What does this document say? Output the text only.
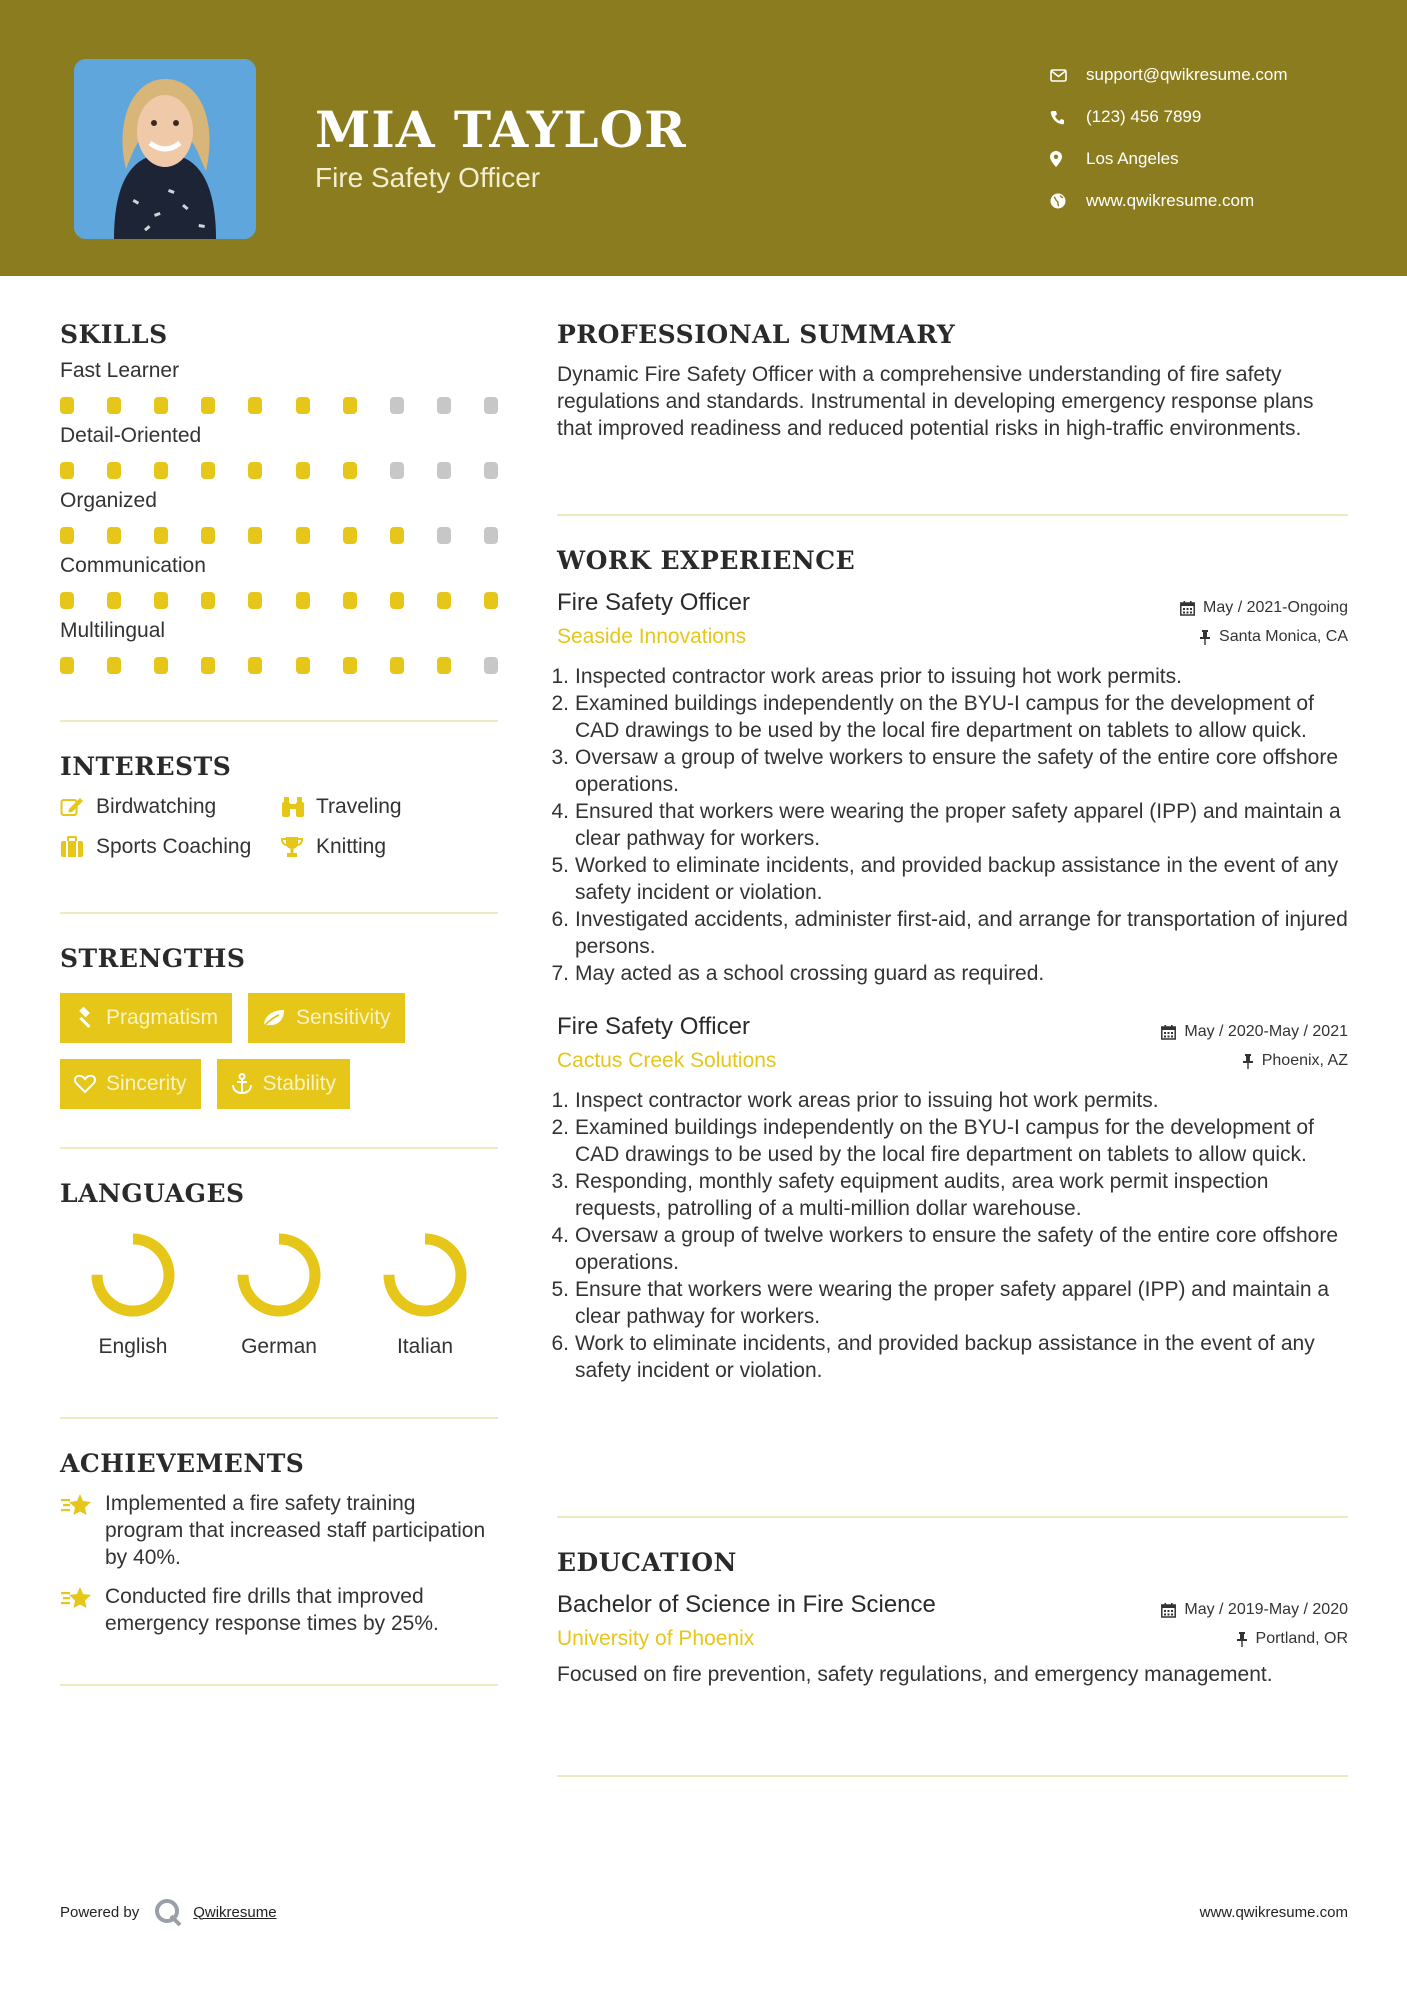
MIA TAYLOR
Fire Safety Officer
support@qwikresume.com
(123) 456 7899
Los Angeles
www.qwikresume.com
SKILLS
Fast Learner
Detail-Oriented
Organized
Communication
Multilingual
INTERESTS
Birdwatching	Traveling
Sports Coaching	Knitting
STRENGTHS
Pragmatism	Sensitivity
Sincerity	Stability
LANGUAGES
English	German	Italian
ACHIEVEMENTS
Implemented a fire safety training program that increased staff participation by 40%.
Conducted fire drills that improved emergency response times by 25%.
PROFESSIONAL SUMMARY
Dynamic Fire Safety Officer with a comprehensive understanding of fire safety regulations and standards. Instrumental in developing emergency response plans that improved readiness and reduced potential risks in high-traffic environments.
WORK EXPERIENCE
Fire Safety Officer	May / 2021-Ongoing
Seaside Innovations	Santa Monica, CA
1. Inspected contractor work areas prior to issuing hot work permits.
2. Examined buildings independently on the BYU-I campus for the development of CAD drawings to be used by the local fire department on tablets to allow quick.
3. Oversaw a group of twelve workers to ensure the safety of the entire core offshore operations.
4. Ensured that workers were wearing the proper safety apparel (IPP) and maintain a clear pathway for workers.
5. Worked to eliminate incidents, and provided backup assistance in the event of any safety incident or violation.
6. Investigated accidents, administer first-aid, and arrange for transportation of injured persons.
7. May acted as a school crossing guard as required.
Fire Safety Officer	May / 2020-May / 2021
Cactus Creek Solutions	Phoenix, AZ
1. Inspect contractor work areas prior to issuing hot work permits.
2. Examined buildings independently on the BYU-I campus for the development of CAD drawings to be used by the local fire department on tablets to allow quick.
3. Responding, monthly safety equipment audits, area work permit inspection requests, patrolling of a multi-million dollar warehouse.
4. Oversaw a group of twelve workers to ensure the safety of the entire core offshore operations.
5. Ensure that workers were wearing the proper safety apparel (IPP) and maintain a clear pathway for workers.
6. Work to eliminate incidents, and provided backup assistance in the event of any safety incident or violation.
EDUCATION
Bachelor of Science in Fire Science	May / 2019-May / 2020
University of Phoenix	Portland, OR
Focused on fire prevention, safety regulations, and emergency management.
Powered by	Qwikresume	www.qwikresume.com
